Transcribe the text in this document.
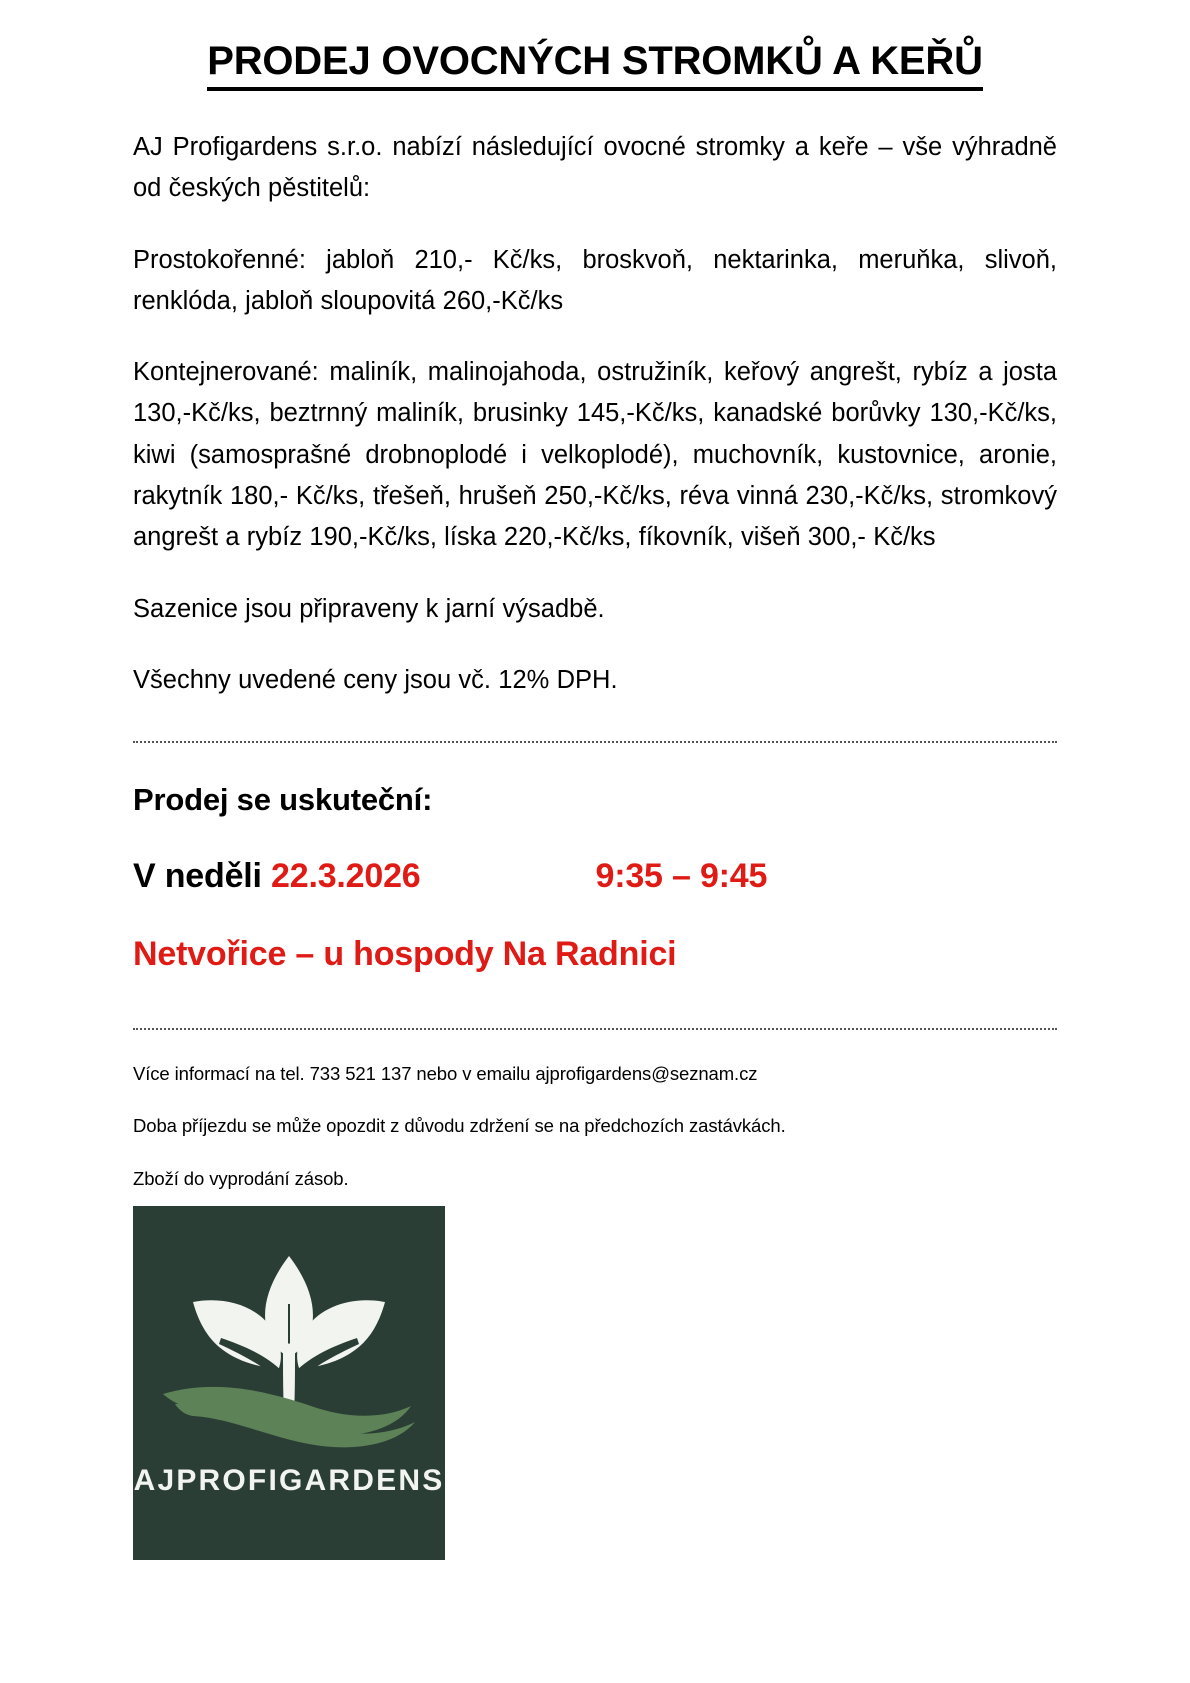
PRODEJ OVOCNÝCH STROMKŮ A KEŘŮ

AJ Profigardens s.r.o. nabízí následující ovocné stromky a keře – vše výhradně od českých pěstitelů:

Prostokořenné: jabloň 210,- Kč/ks, broskvoň, nektarinka, meruňka, slivoň, renklóda, jabloň sloupovitá 260,-Kč/ks

Kontejnerované: maliník, malinojahoda, ostružiník, keřový angrešt, rybíz a josta 130,-Kč/ks, beztrnný maliník, brusinky 145,-Kč/ks, kanadské borůvky 130,-Kč/ks, kiwi (samosprašné drobnoplodé i velkoplodé), muchovník, kustovnice, aronie, rakytník 180,- Kč/ks, třešeň, hrušeň 250,-Kč/ks, réva vinná 230,-Kč/ks, stromkový angrešt a rybíz 190,-Kč/ks, líska 220,-Kč/ks, fíkovník, višeň 300,- Kč/ks

Sazenice jsou připraveny k jarní výsadbě.

Všechny uvedené ceny jsou vč. 12% DPH.

Prodej se uskuteční:

V neděli 22.3.2026	9:35 – 9:45

Netvořice – u hospody Na Radnici

Více informací na tel. 733 521 137 nebo v emailu ajprofigardens@seznam.cz

Doba příjezdu se může opozdit z důvodu zdržení se na předchozích zastávkách.

Zboží do vyprodání zásob.

AJPROFIGARDENS
